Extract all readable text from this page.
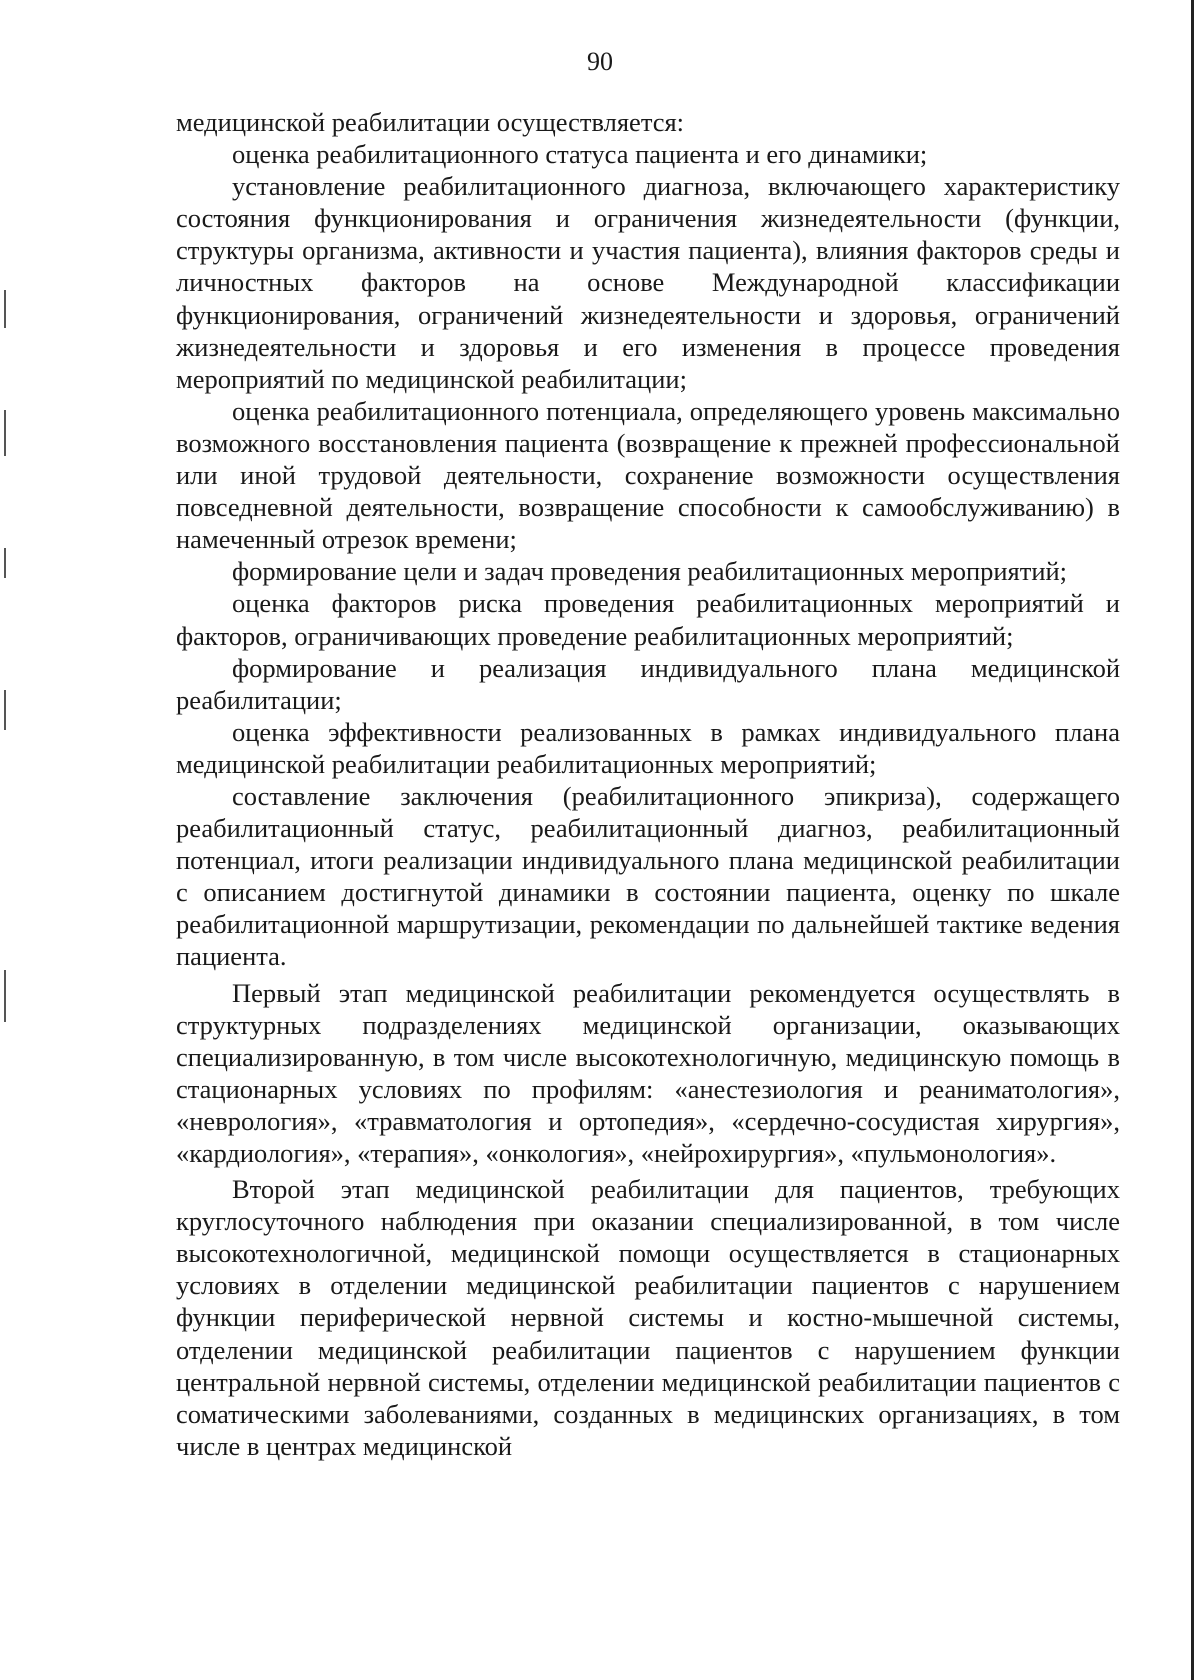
90

медицинской реабилитации осуществляется:

оценка реабилитационного статуса пациента и его динамики;

установление реабилитационного диагноза, включающего характеристику состояния функционирования и ограничения жизнедеятельности (функции, структуры организма, активности и участия пациента), влияния факторов среды и личностных факторов на основе Международной классификации функционирования, ограничений жизнедеятельности и здоровья, ограничений жизнедеятельности и здоровья и его изменения в процессе проведения мероприятий по медицинской реабилитации;

оценка реабилитационного потенциала, определяющего уровень максимально возможного восстановления пациента (возвращение к прежней профессиональной или иной трудовой деятельности, сохранение возможности осуществления повседневной деятельности, возвращение способности к самообслуживанию) в намеченный отрезок времени;

формирование цели и задач проведения реабилитационных мероприятий;

оценка факторов риска проведения реабилитационных мероприятий и факторов, ограничивающих проведение реабилитационных мероприятий;

формирование и реализация индивидуального плана медицинской реабилитации;

оценка эффективности реализованных в рамках индивидуального плана медицинской реабилитации реабилитационных мероприятий;

составление заключения (реабилитационного эпикриза), содержащего реабилитационный статус, реабилитационный диагноз, реабилитационный потенциал, итоги реализации индивидуального плана медицинской реабилитации с описанием достигнутой динамики в состоянии пациента, оценку по шкале реабилитационной маршрутизации, рекомендации по дальнейшей тактике ведения пациента.

Первый этап медицинской реабилитации рекомендуется осуществлять в структурных подразделениях медицинской организации, оказывающих специализированную, в том числе высокотехнологичную, медицинскую помощь в стационарных условиях по профилям: «анестезиология и реаниматология», «неврология», «травматология и ортопедия», «сердечно-сосудистая хирургия», «кардиология», «терапия», «онкология», «нейрохирургия», «пульмонология».

Второй этап медицинской реабилитации для пациентов, требующих круглосуточного наблюдения при оказании специализированной, в том числе высокотехнологичной, медицинской помощи осуществляется в стационарных условиях в отделении медицинской реабилитации пациентов с нарушением функции периферической нервной системы и костно-мышечной системы, отделении медицинской реабилитации пациентов с нарушением функции центральной нервной системы, отделении медицинской реабилитации пациентов с соматическими заболеваниями, созданных в медицинских организациях, в том числе в центрах медицинской
